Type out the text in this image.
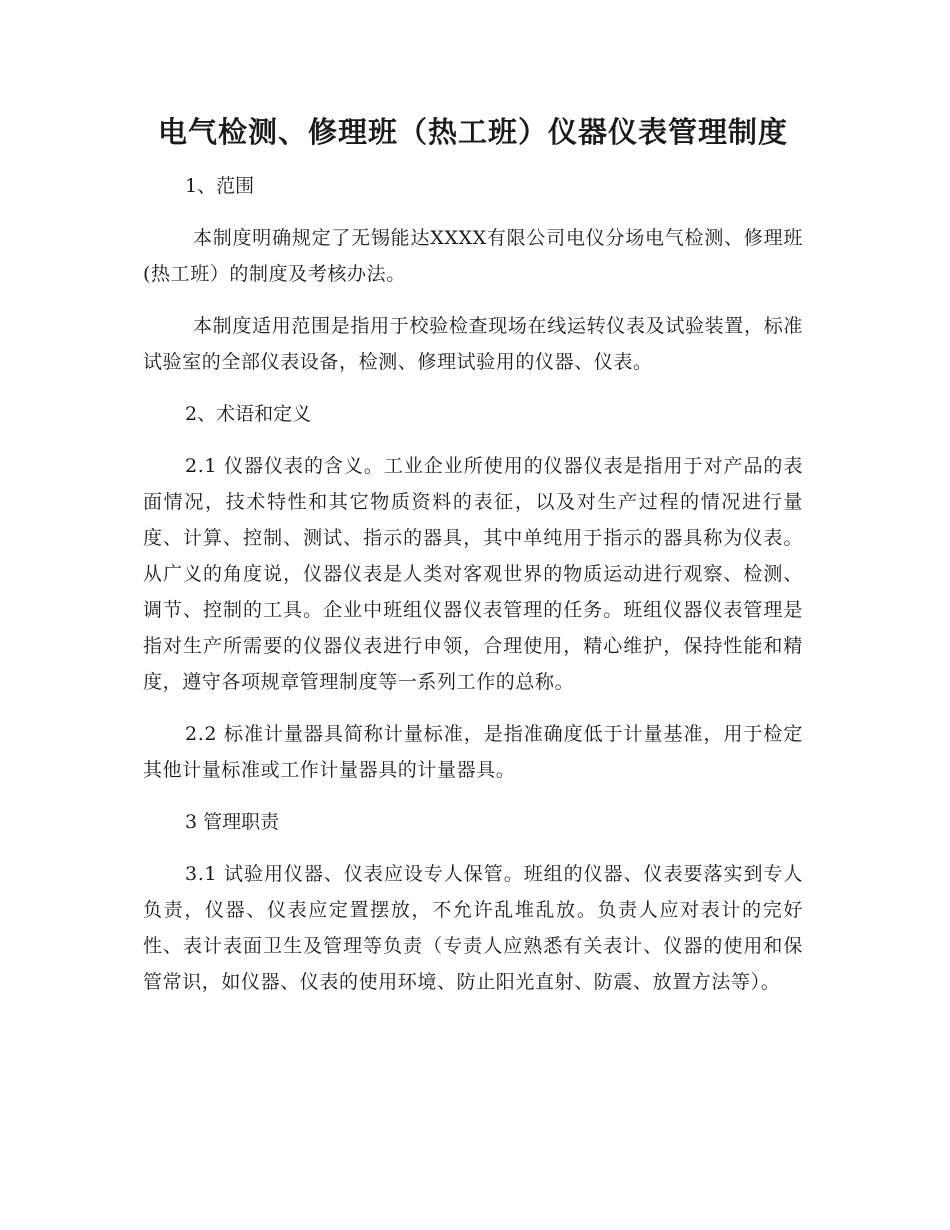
电气检测、修理班（热工班）仪器仪表管理制度
1、范围

本制度明确规定了无锡能达XXXX有限公司电仪分场电气检测、修理班(热工班）的制度及考核办法。

本制度适用范围是指用于校验检查现场在线运转仪表及试验装置，标准试验室的全部仪表设备，检测、修理试验用的仪器、仪表。

2、术语和定义

2.1 仪器仪表的含义。工业企业所使用的仪器仪表是指用于对产品的表面情况，技术特性和其它物质资料的表征，以及对生产过程的情况进行量度、计算、控制、测试、指示的器具，其中单纯用于指示的器具称为仪表。从广义的角度说，仪器仪表是人类对客观世界的物质运动进行观察、检测、调节、控制的工具。企业中班组仪器仪表管理的任务。班组仪器仪表管理是指对生产所需要的仪器仪表进行申领，合理使用，精心维护，保持性能和精度，遵守各项规章管理制度等一系列工作的总称。

2.2 标准计量器具简称计量标准，是指准确度低于计量基准，用于检定其他计量标准或工作计量器具的计量器具。

3 管理职责

3.1 试验用仪器、仪表应设专人保管。班组的仪器、仪表要落实到专人负责，仪器、仪表应定置摆放，不允许乱堆乱放。负责人应对表计的完好性、表计表面卫生及管理等负责（专责人应熟悉有关表计、仪器的使用和保管常识，如仪器、仪表的使用环境、防止阳光直射、防震、放置方法等）。
